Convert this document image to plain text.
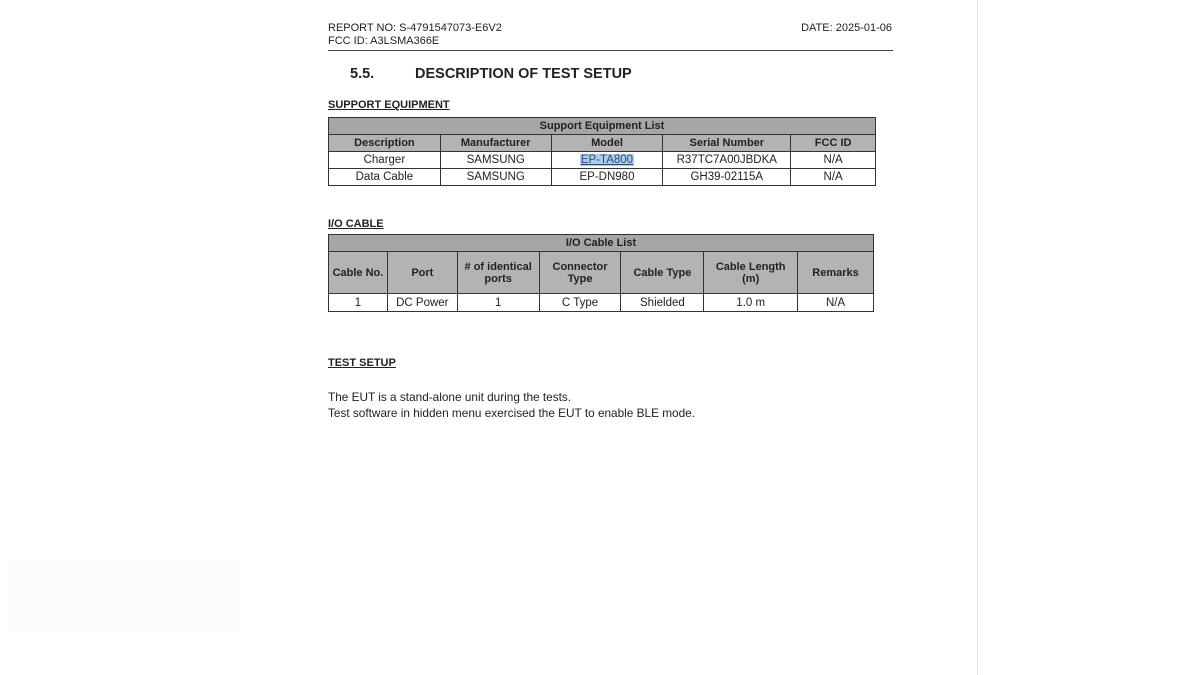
REPORT NO: S-4791547073-E6V2
FCC ID: A3LSMA366E
DATE: 2025-01-06
5.5.	DESCRIPTION OF TEST SETUP
SUPPORT EQUIPMENT
Support Equipment List				
Description	Manufacturer	Model	Serial Number	FCC ID
Charger	SAMSUNG	EP-TA800	R37TC7A00JBDKA	N/A
Data Cable	SAMSUNG	EP-DN980	GH39-02115A	N/A
I/O CABLE
I/O Cable List						
Cable No.	Port	# of identical ports	Connector Type	Cable Type	Cable Length (m)	Remarks
1	DC Power	1	C Type	Shielded	1.0 m	N/A
TEST SETUP
The EUT is a stand-alone unit during the tests.
Test software in hidden menu exercised the EUT to enable BLE mode.
